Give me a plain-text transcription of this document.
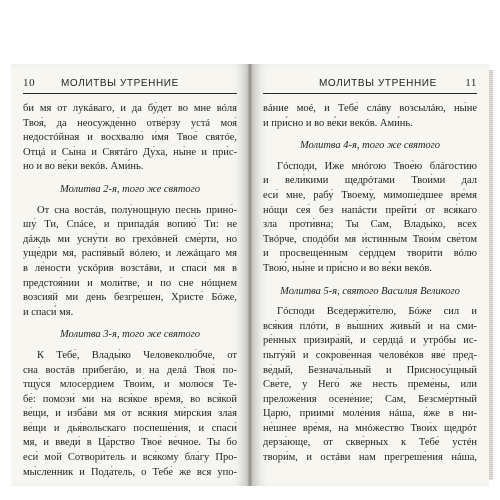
10	МОЛИТВЫ УТРЕННИЕ
би мя от лукáваго, и да бу́дет во мне вóля
Твоя́, да неосужде́нно отве́рзу устá моя́
недостóйная и восхвалю́ и́мя Твое́ святóе,
Отцá и Сы́на и Святáго Ду́ха, ны́не и при́с-
но и во ве́ки векóв. Ами́нь.
Молитва 2-я, того же святого
От сна востáв, полу́нощную песнь прино́-
шу́ Ти, Спáсе, и припадáя вопию́ Ти: не
дáждь ми усну́ти во грехóвней сме́рти, но
уще́дри мя, распя́вый вóлею, и лежáщаго мя
в ле́ности ускóрив возстáви, и спаси́ мя в
предстоя́нии и моли́тве, и по сне нóщнем
возсия́й ми день безгре́шен, Христе́ Бóже,
и спаси́ мя.
Молитва 3-я, того же святого
К Тебе́, Влады́ко Человеколю́бче, от
сна востáв прибегáю, и на делá Твоя́ по-
тщу́ся млосе́рдием Твои́м, и молю́ся Те-
бе́: помози́ ми на вся́кое вре́мя, во вся́кой
ве́щи, и изба́ви мя от вся́кия ми́рския зла́я
ве́щи и дья́вольскаго поспеше́ния, и спаси́
мя, и введи́ в Ца́рство Твое́ ве́чное. Ты бо
еси́ мой Сотвори́тель и вся́кому бла́гу Про-
мы́сленник и Пода́тель, о Тебе́ же вся упо-
МОЛИТВЫ УТРЕННИЕ	11
вáние моé, и Тебе́ слáву возсылáю, ны́не
и при́сно и во ве́ки векóв. Ами́нь.
Молитва 4-я, того же святого
Гóсподи, Иже мнóгою Твое́ю блáгостию
и вели́кими щедрóтами Твои́ми дал
еси́ мне, рабу́ Твоему́, мимоше́дшее вре́мя
нóщи сея́ без напáсти прейти́ от вся́каго
зла проти́вна; Ты Сам, Влады́ко, всех
Твóрче, сподóби мя и́стинным Твои́м све́том
и просвеще́нным се́рдцем твори́ти вóлю
Твою́, ны́не и при́сно и во ве́ки векóв.
Молитва 5-я, святого Василия Великого
Гóсподи Вседержи́телю, Бóже сил и
вся́кия плóти, в вы́шних живы́й и на сми-
ре́нных призира́яй, и сердцá и утрóбы ис-
пыту́яй и сокрове́нная человéков яве́ пред-
ве́дый, Безнача́льный и Присносу́щный
Све́те, у Него́ же несть преме́ны, или
преложе́ния осене́ние; Сам, Безсме́ртный
Царю́, приими́ моле́ния нáша, я́же в ни-
не́шнее вре́мя, на мнóжество Твои́х щедрóт
дерза́юще, от скве́рных к Тебе́ устéн
твори́м, и остáви нам прегреше́ния нáша,
